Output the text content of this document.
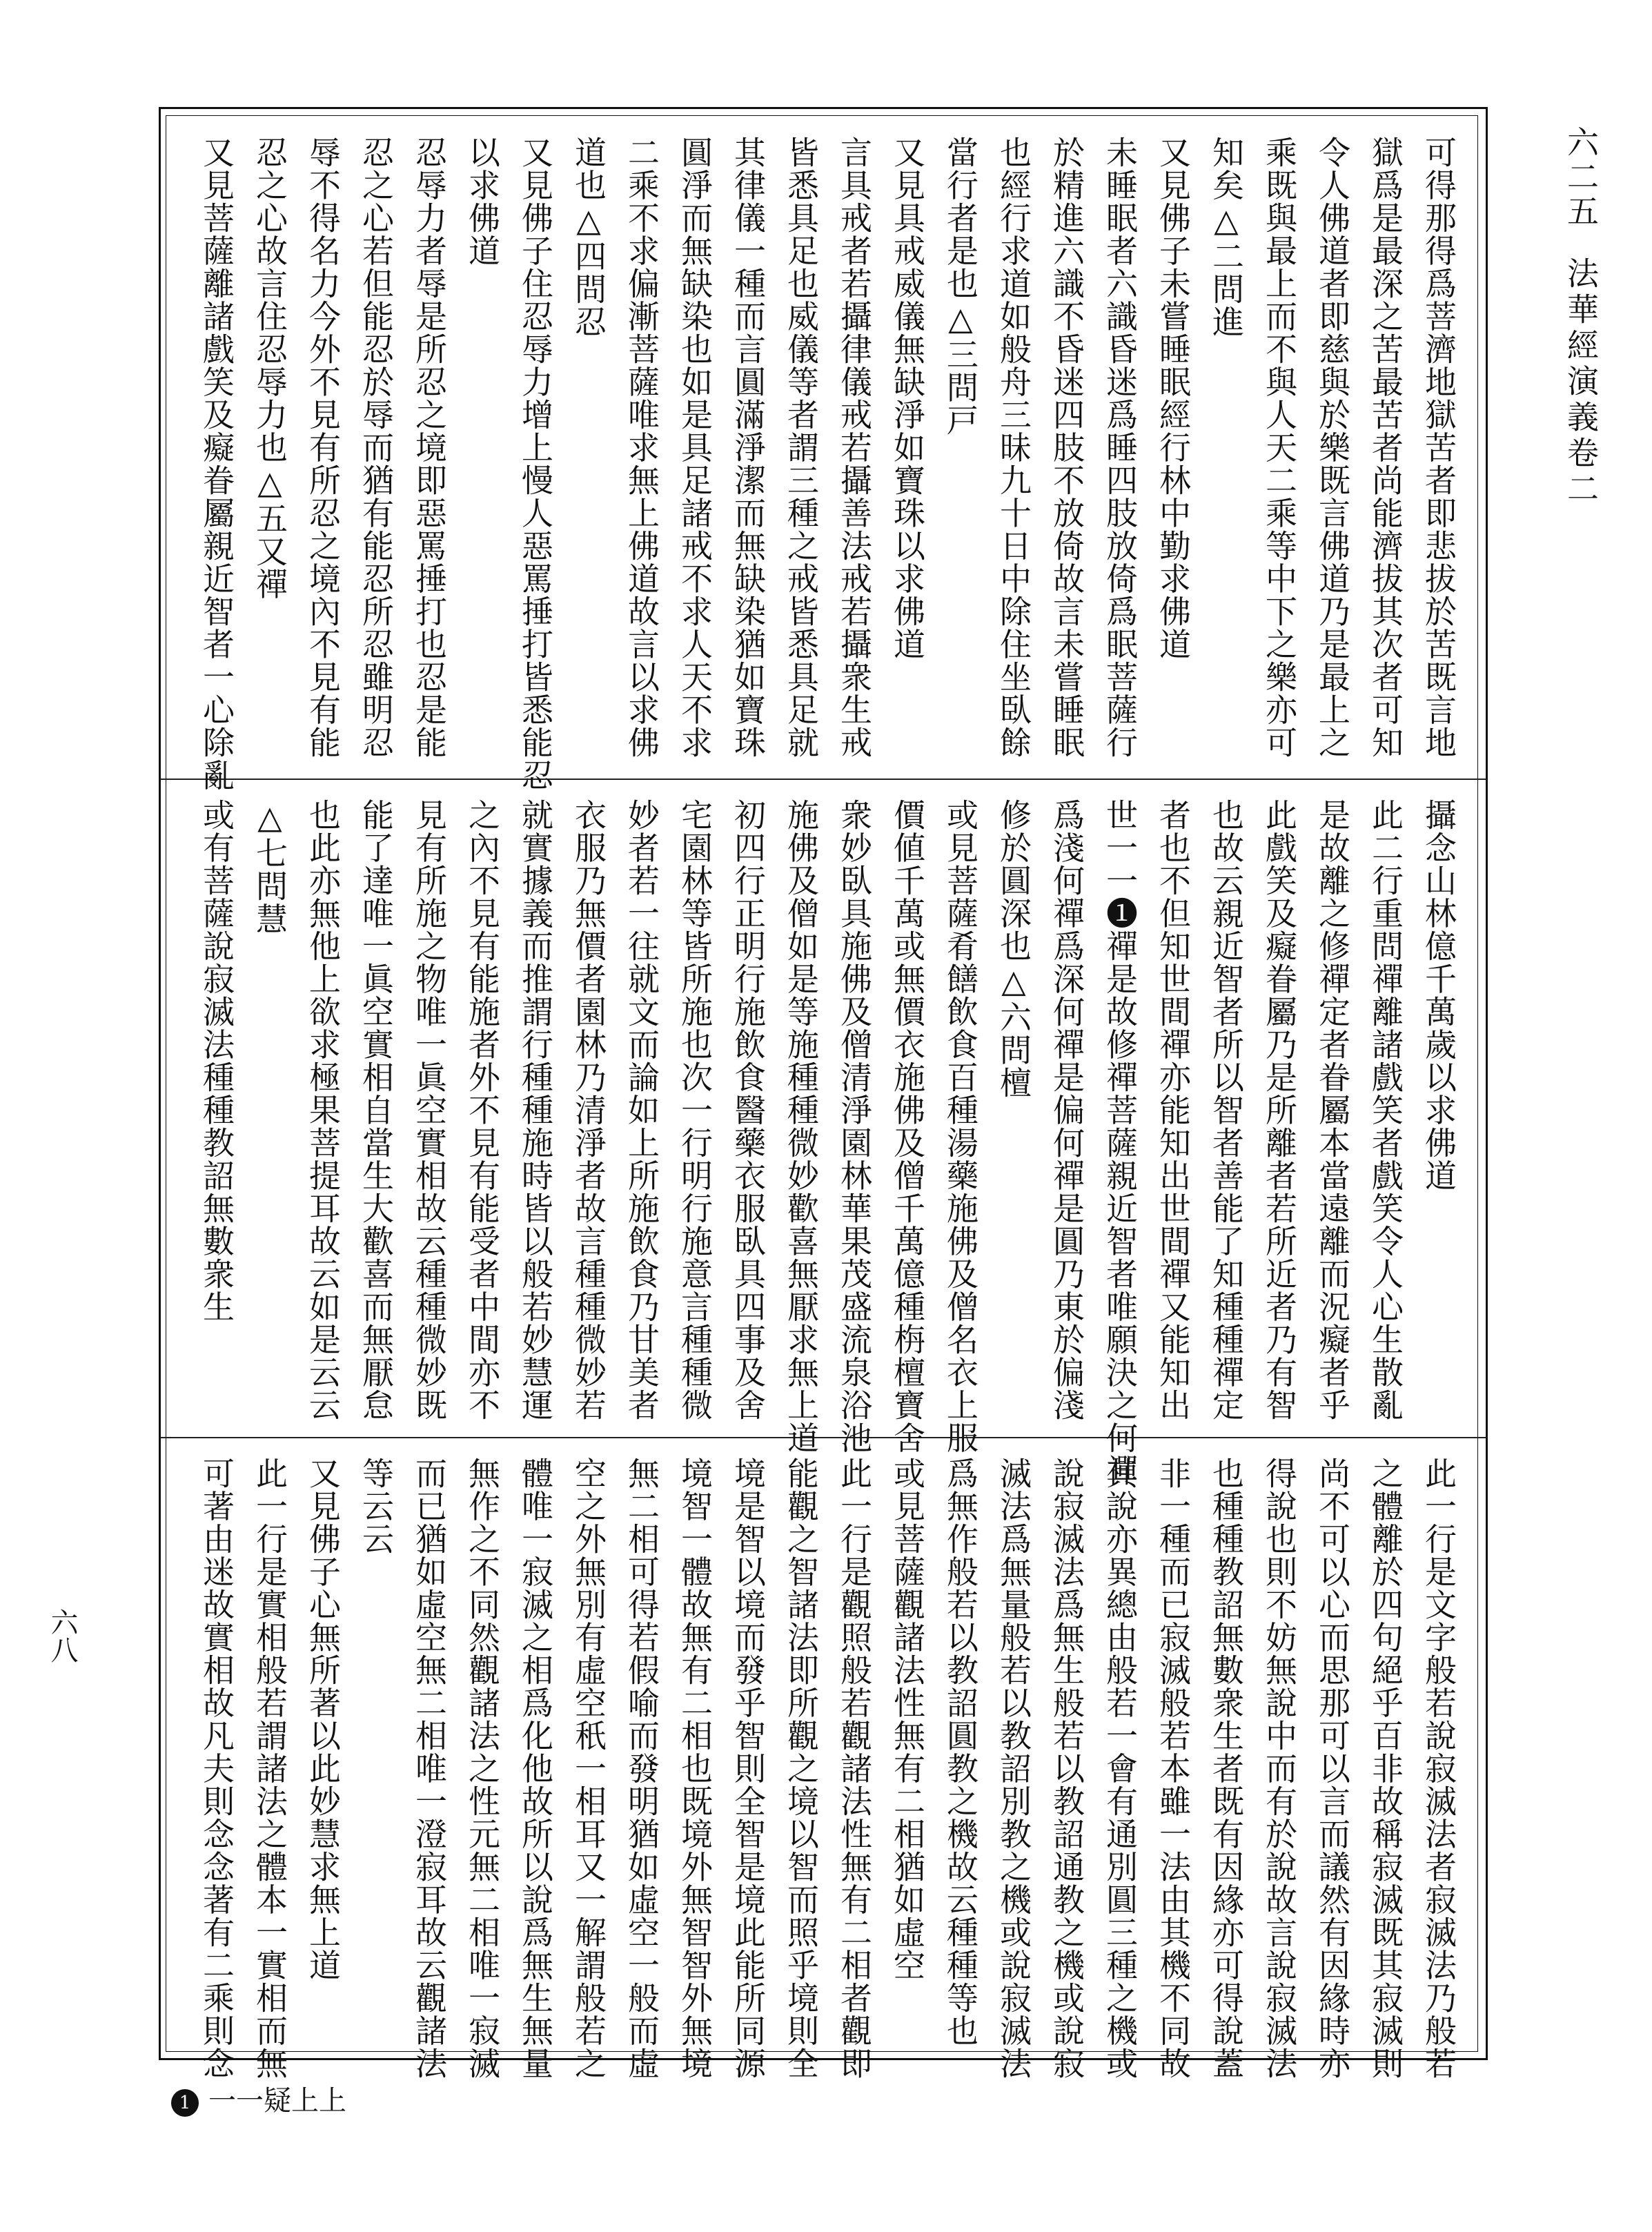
六二五法華經演義卷二
六八
1 一一疑上上
可得那得爲菩濟地獄苦者即悲拔於苦既言地
獄爲是最深之苦最苦者尚能濟拔其次者可知
令人佛道者即慈與於樂既言佛道乃是最上之
乘既與最上而不與人天二乘等中下之樂亦可
知矣△二問進
又見佛子未嘗睡眠經行林中勤求佛道
未睡眠者六識昏迷爲睡四肢放倚爲眠菩薩行
於精進六識不昏迷四肢不放倚故言未嘗睡眠
也經行求道如般舟三昧九十日中除住坐臥餘
當行者是也△三問戸
又見具戒威儀無缺淨如寶珠以求佛道
言具戒者若攝律儀戒若攝善法戒若攝衆生戒
皆悉具足也威儀等者謂三種之戒皆悉具足就
其律儀一種而言圓滿淨潔而無缺染猶如寶珠
圓淨而無缺染也如是具足諸戒不求人天不求
二乘不求偏漸菩薩唯求無上佛道故言以求佛
道也△四問忍
又見佛子住忍辱力增上慢人惡罵捶打皆悉能忍
以求佛道
忍辱力者辱是所忍之境即惡罵捶打也忍是能
忍之心若但能忍於辱而猶有能忍所忍雖明忍
辱不得名力今外不見有所忍之境內不見有能
忍之心故言住忍辱力也△五又禪
又見菩薩離諸戲笑及癡眷屬親近智者一心除亂
攝念山林億千萬歲以求佛道
此二行重問禪離諸戲笑者戲笑令人心生散亂
是故離之修禪定者眷屬本當遠離而況癡者乎
此戲笑及癡眷屬乃是所離者若所近者乃有智
也故云親近智者所以智者善能了知種種禪定
者也不但知世間禪亦能知出世間禪又能知出
世一一❶禪是故修禪菩薩親近智者唯願決之何禪
爲淺何禪爲深何禪是偏何禪是圓乃東於偏淺
修於圓深也△六問檀
或見菩薩肴饍飲食百種湯藥施佛及僧名衣上服
價値千萬或無價衣施佛及僧千萬億種栴檀寶舍
衆妙臥具施佛及僧清淨園林華果茂盛流泉浴池
施佛及僧如是等施種種微妙歡喜無厭求無上道
初四行正明行施飲食醫藥衣服臥具四事及舍
宅園林等皆所施也次一行明行施意言種種微
妙者若一往就文而論如上所施飲食乃甘美者
衣服乃無價者園林乃清淨者故言種種微妙若
就實據義而推謂行種種施時皆以般若妙慧運
之內不見有能施者外不見有能受者中間亦不
見有所施之物唯一眞空實相故云種種微妙既
能了達唯一眞空實相自當生大歡喜而無厭怠
也此亦無他上欲求極果菩提耳故云如是云云
△七問慧
或有菩薩說寂滅法種種教詔無數衆生
此一行是文字般若說寂滅法者寂滅法乃般若
之體離於四句絕乎百非故稱寂滅既其寂滅則
尚不可以心而思那可以言而議然有因緣時亦
得說也則不妨無說中而有於說故言說寂滅法
也種種教詔無數衆生者既有因緣亦可得說蓋
非一種而已寂滅般若本雖一法由其機不同故
其說亦異總由般若一會有通別圓三種之機或
說寂滅法爲無生般若以教詔通教之機或說寂
滅法爲無量般若以教詔別教之機或說寂滅法
爲無作般若以教詔圓教之機故云種種等也
或見菩薩觀諸法性無有二相猶如虛空
此一行是觀照般若觀諸法性無有二相者觀即
能觀之智諸法即所觀之境以智而照乎境則全
境是智以境而發乎智則全智是境此能所同源
境智一體故無有二相也既境外無智智外無境
無二相可得若假喻而發明猶如虛空一般而虛
空之外無別有虛空秖一相耳又一解謂般若之
體唯一寂滅之相爲化他故所以說爲無生無量
無作之不同然觀諸法之性元無二相唯一寂滅
而已猶如虛空無二相唯一澄寂耳故云觀諸法
等云云
又見佛子心無所著以此妙慧求無上道
此一行是實相般若謂諸法之體本一實相而無
可著由迷故實相故凡夫則念念著有二乘則念
